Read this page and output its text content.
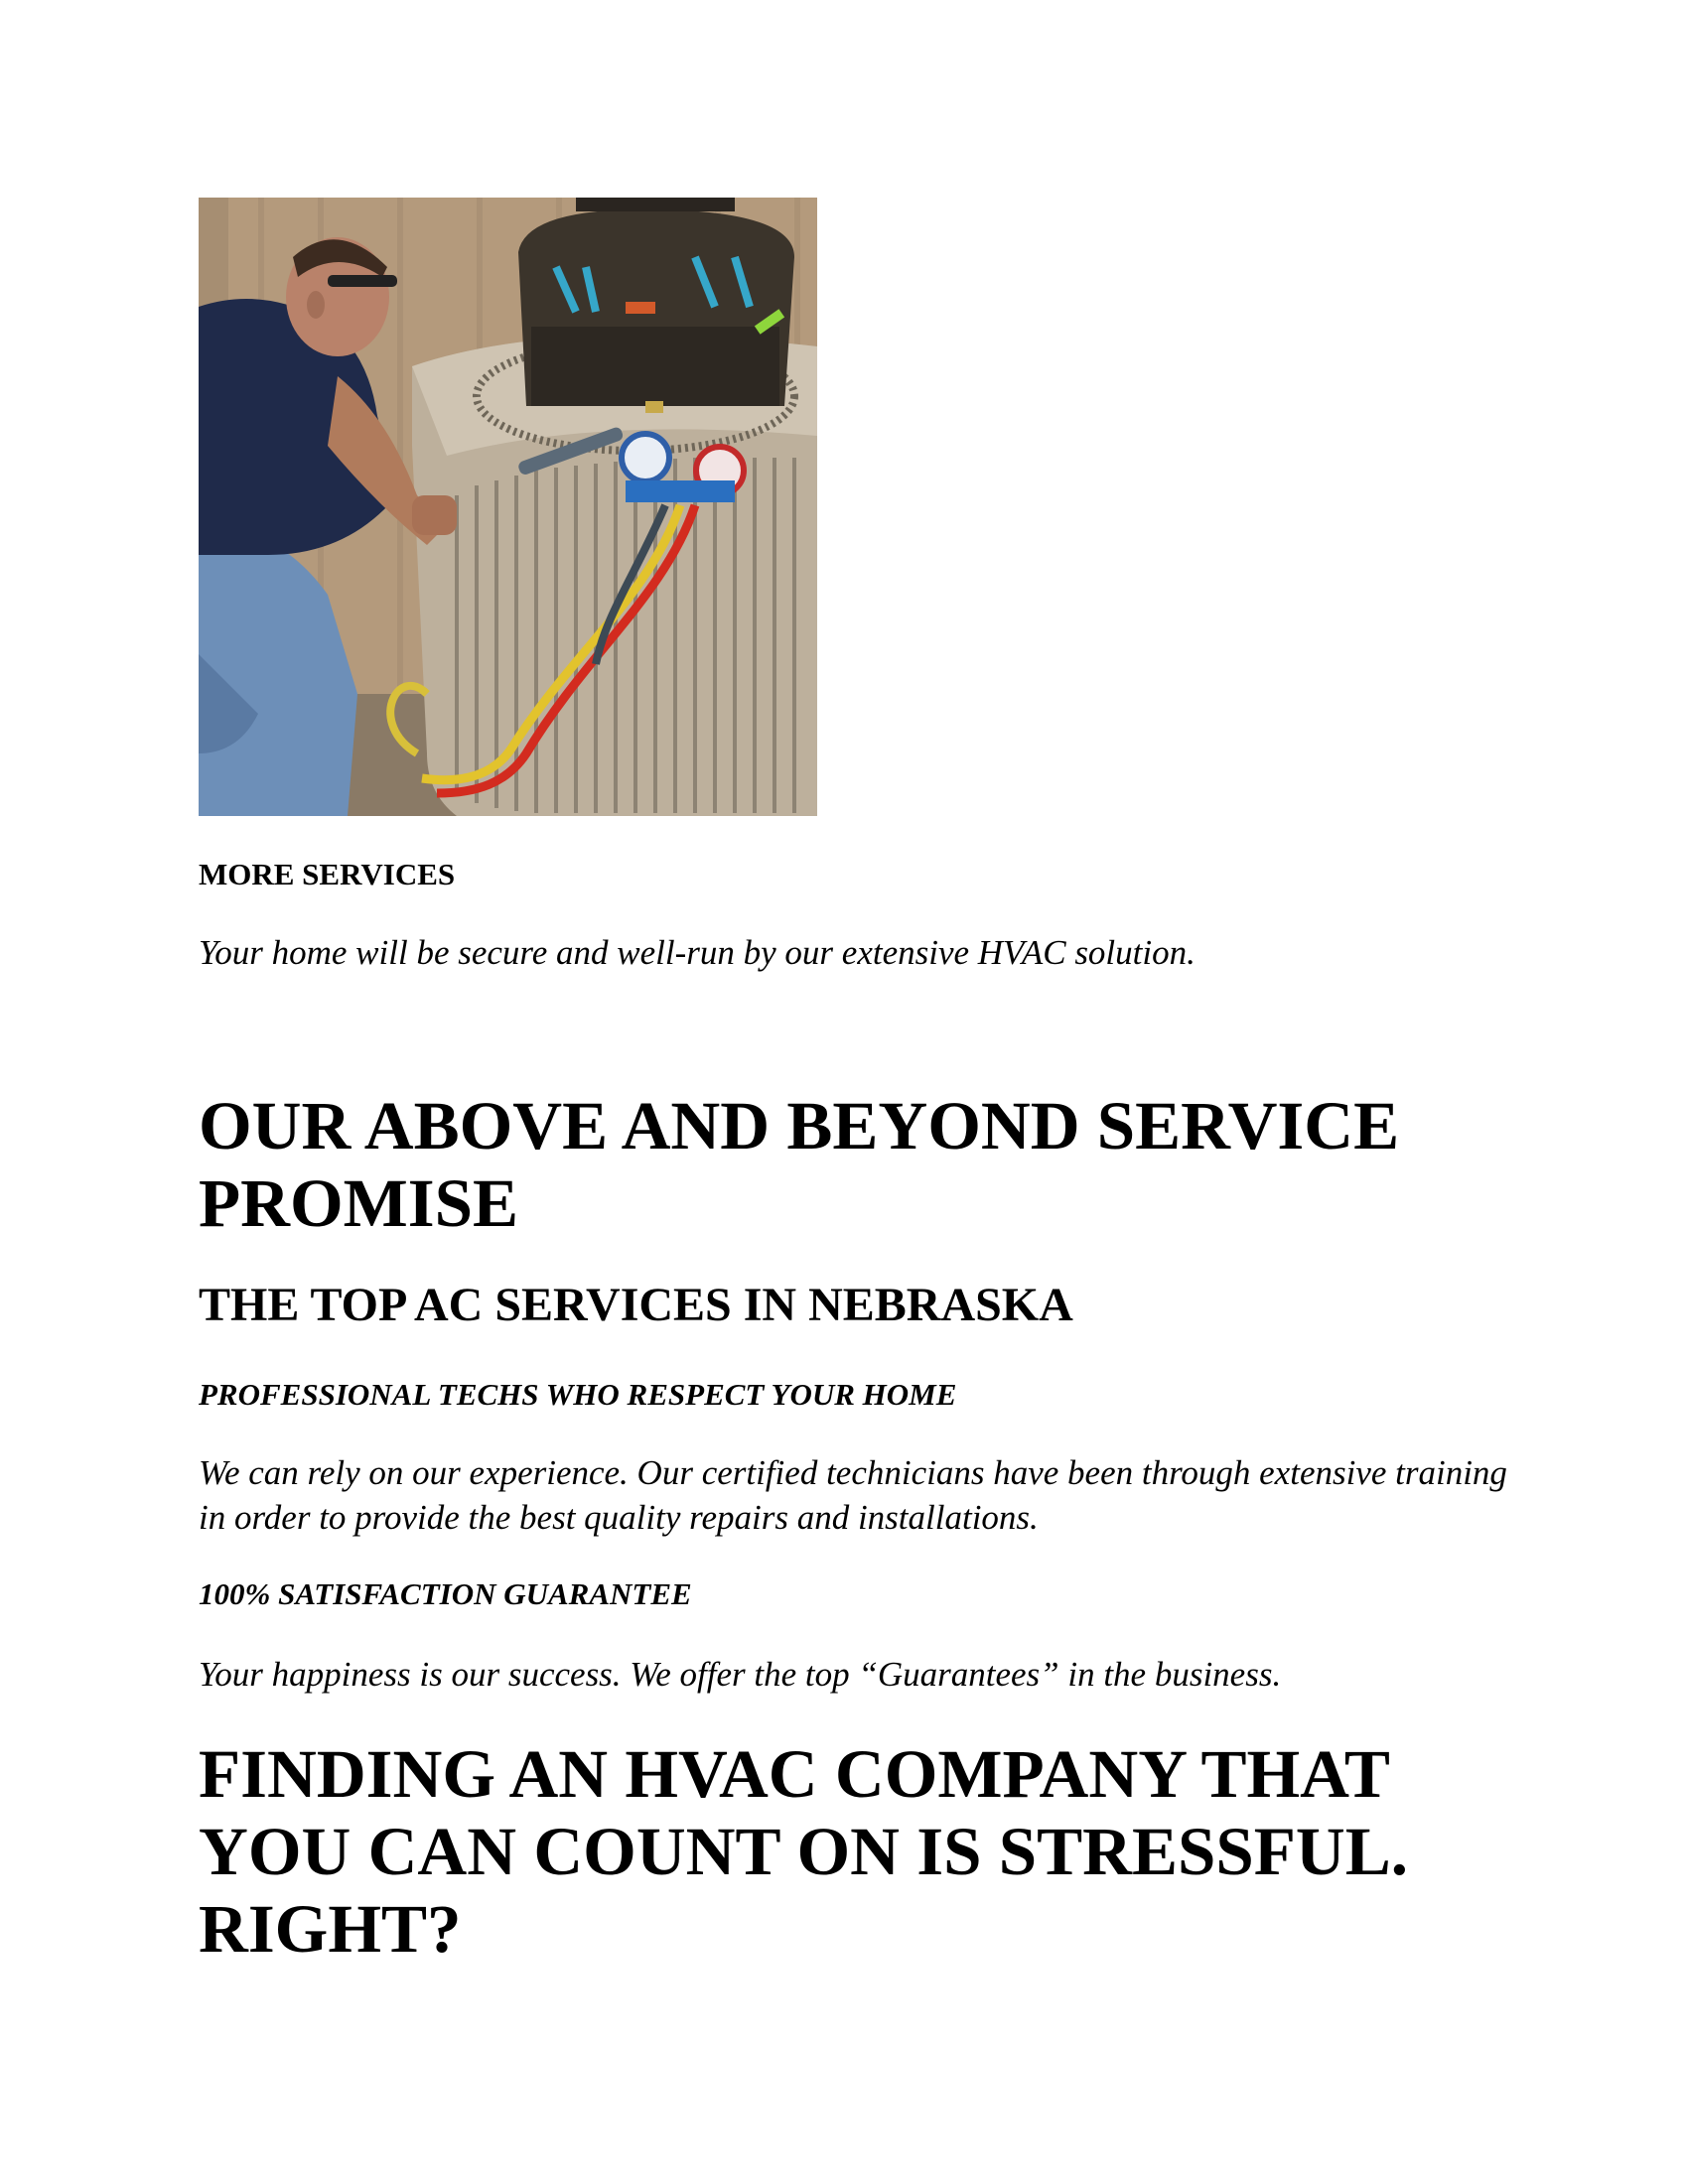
MORE SERVICES

Your home will be secure and well-run by our extensive HVAC solution.

OUR ABOVE AND BEYOND SERVICE PROMISE
THE TOP AC SERVICES IN NEBRASKA
PROFESSIONAL TECHS WHO RESPECT YOUR HOME

We can rely on our experience. Our certified technicians have been through extensive training in order to provide the best quality repairs and installations.

100% SATISFACTION GUARANTEE

Your happiness is our success. We offer the top “Guarantees” in the business.

FINDING AN HVAC COMPANY THAT YOU CAN COUNT ON IS STRESSFUL. RIGHT?
